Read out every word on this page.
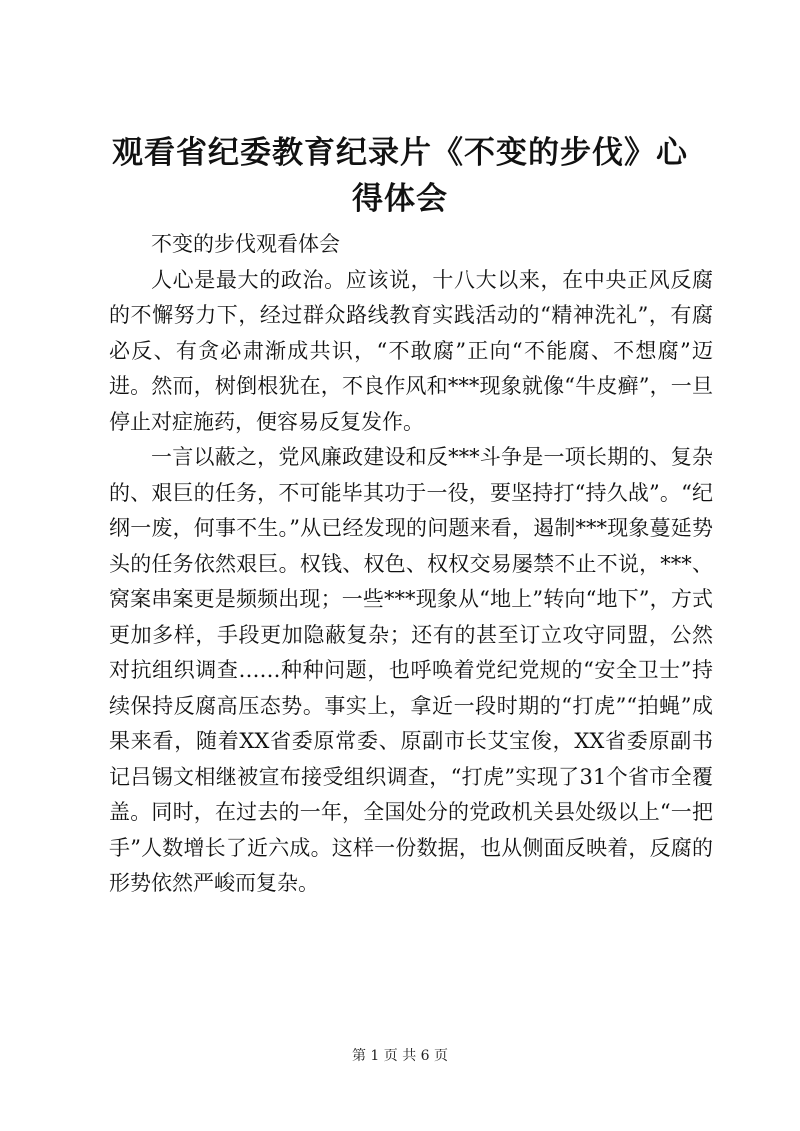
观看省纪委教育纪录片《不变的步伐》心得体会

不变的步伐观看体会

人心是最大的政治。应该说，十八大以来，在中央正风反腐的不懈努力下，经过群众路线教育实践活动的“精神洗礼”，有腐必反、有贪必肃渐成共识，“不敢腐”正向“不能腐、不想腐”迈进。然而，树倒根犹在，不良作风和***现象就像“牛皮癣”，一旦停止对症施药，便容易反复发作。

一言以蔽之，党风廉政建设和反***斗争是一项长期的、复杂的、艰巨的任务，不可能毕其功于一役，要坚持打“持久战”。“纪纲一废，何事不生。”从已经发现的问题来看，遏制***现象蔓延势头的任务依然艰巨。权钱、权色、权权交易屡禁不止不说，***、窝案串案更是频频出现；一些***现象从“地上”转向“地下”，方式更加多样，手段更加隐蔽复杂；还有的甚至订立攻守同盟，公然对抗组织调查……种种问题，也呼唤着党纪党规的“安全卫士”持续保持反腐高压态势。事实上，拿近一段时期的“打虎”“拍蝇”成果来看，随着XX省委原常委、原副市长艾宝俊，XX省委原副书记吕锡文相继被宣布接受组织调查，“打虎”实现了31个省市全覆盖。同时，在过去的一年，全国处分的党政机关县处级以上“一把手”人数增长了近六成。这样一份数据，也从侧面反映着，反腐的形势依然严峻而复杂。

第 1 页 共 6 页
